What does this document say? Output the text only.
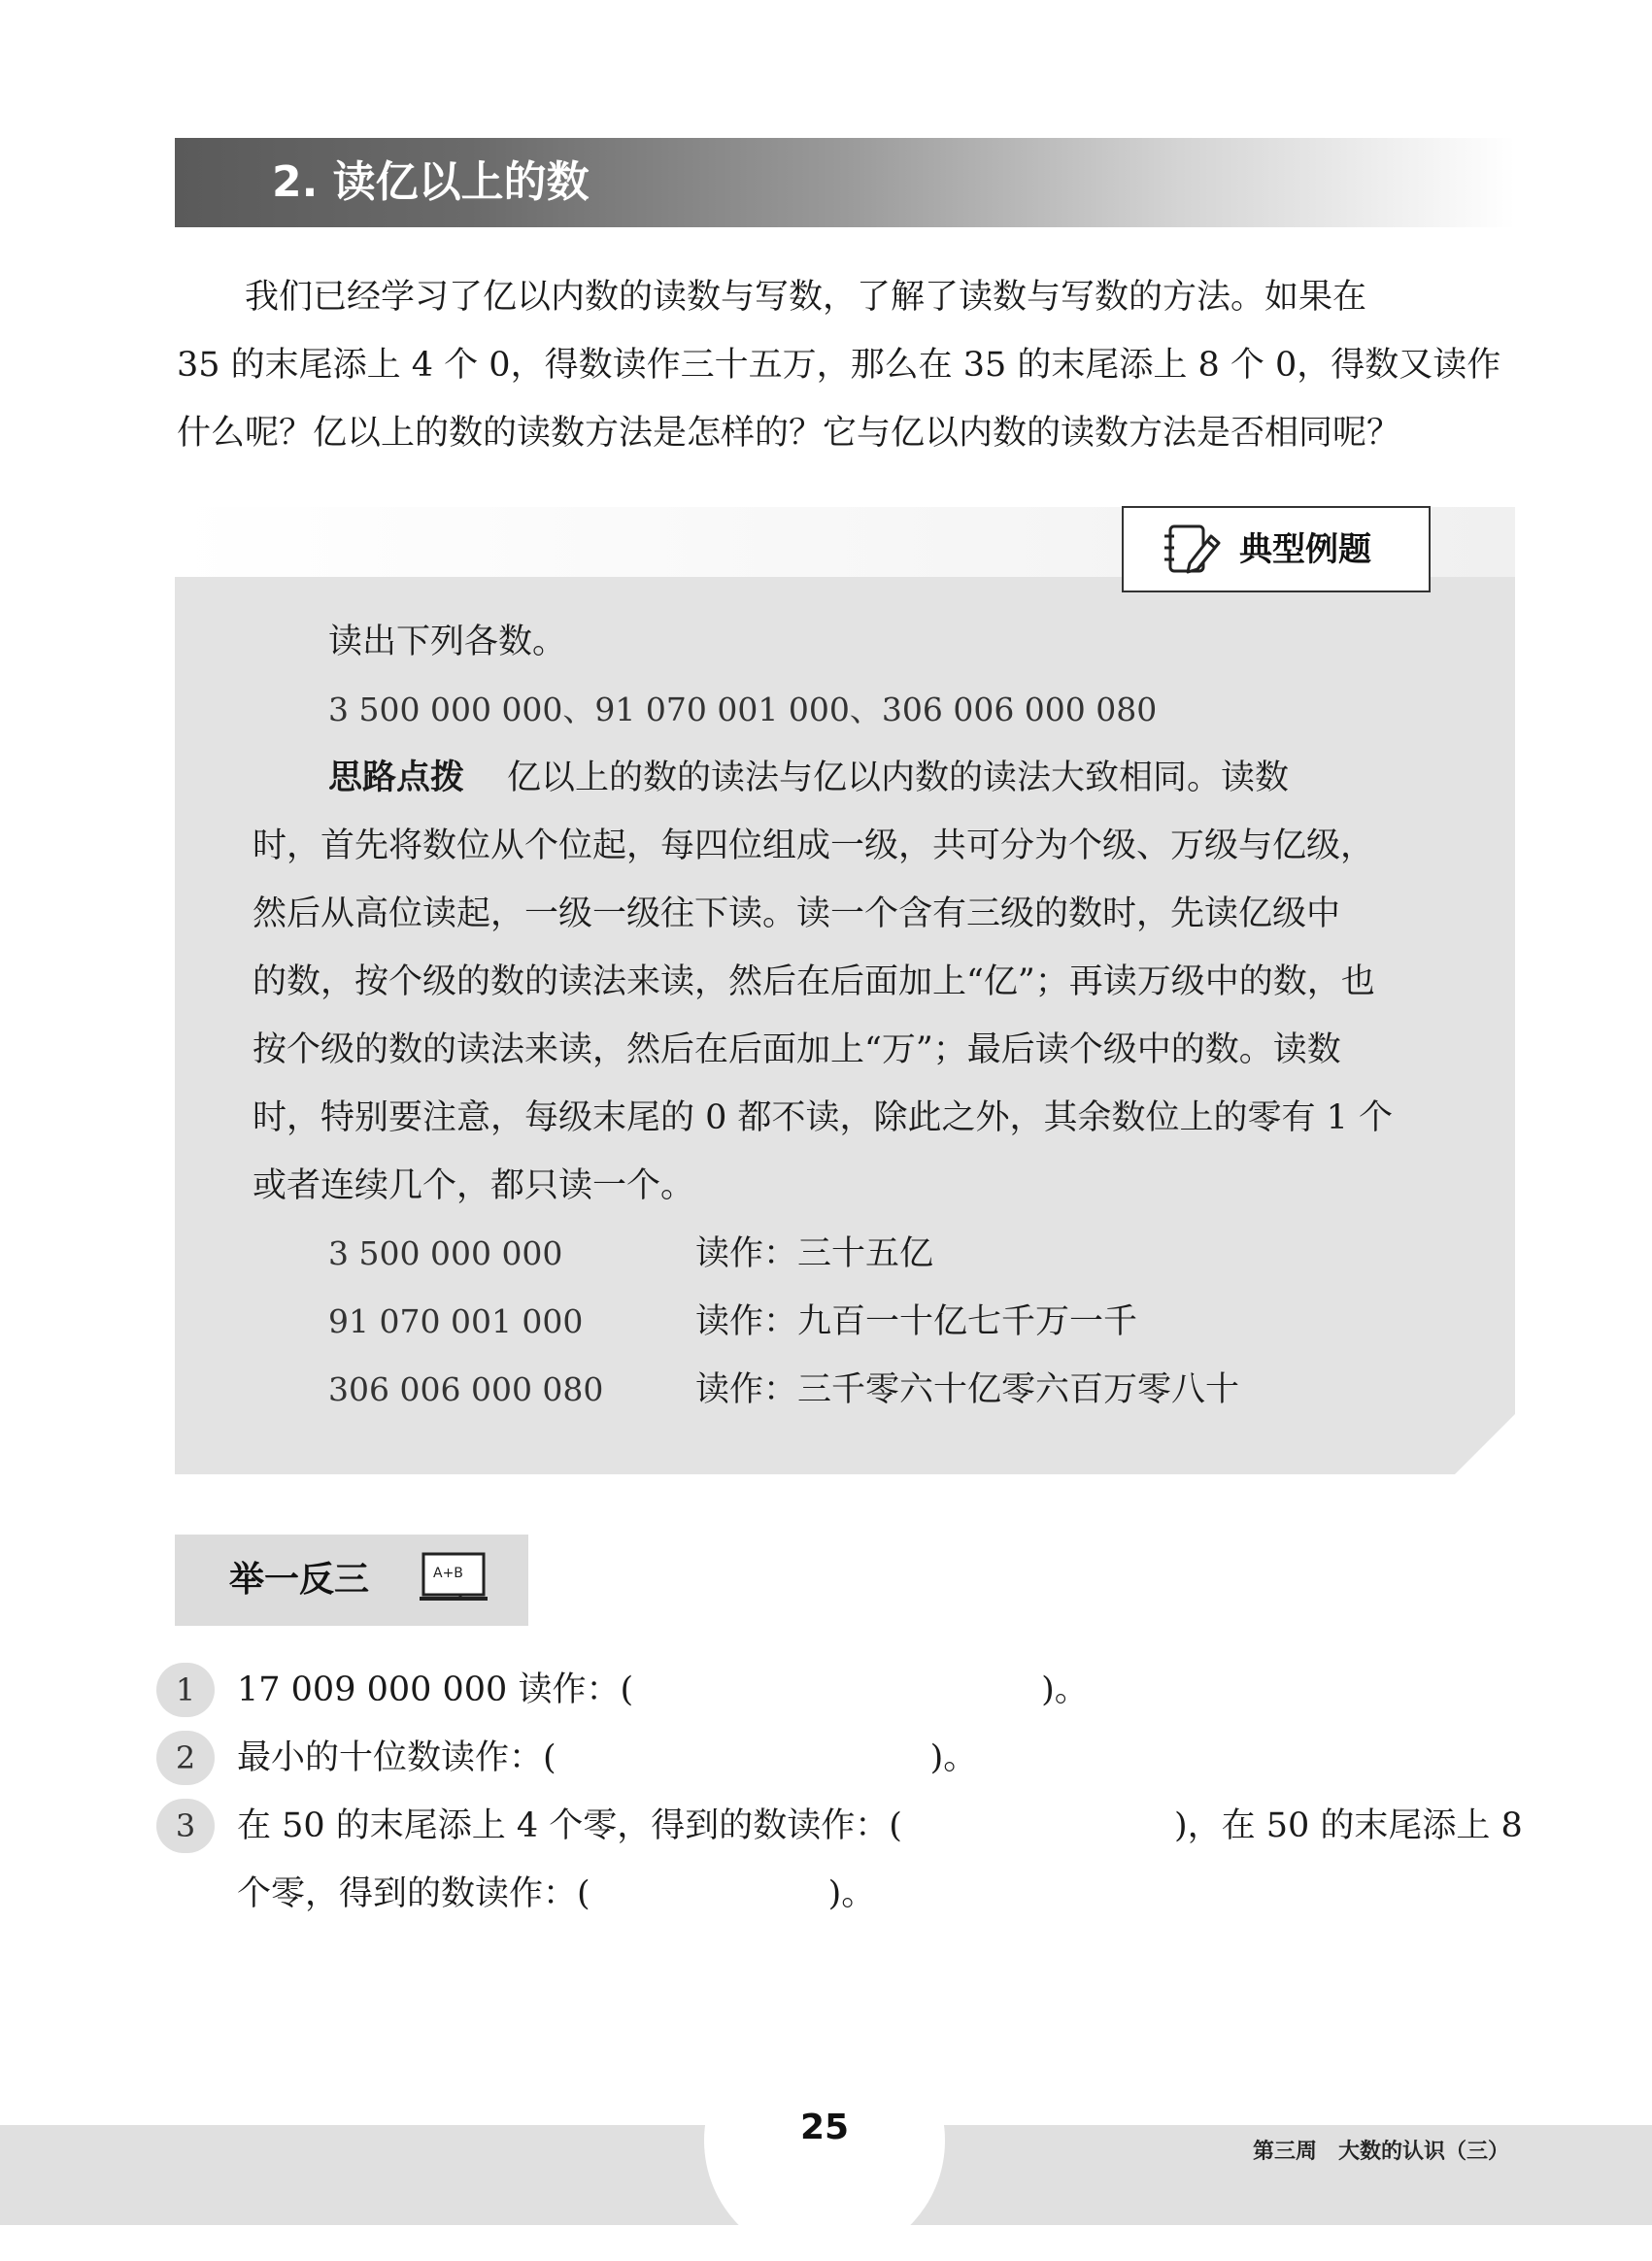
2. 读亿以上的数
　　我们已经学习了亿以内数的读数与写数，了解了读数与写数的方法。如果在
35 的末尾添上 4 个 0，得数读作三十五万，那么在 35 的末尾添上 8 个 0，得数又读作
什么呢？亿以上的数的读数方法是怎样的？它与亿以内数的读数方法是否相同呢？
典型例题
读出下列各数。
3 500 000 000、91 070 001 000、306 006 000 080
思路点拨 亿以上的数的读法与亿以内数的读法大致相同。读数
时，首先将数位从个位起，每四位组成一级，共可分为个级、万级与亿级，
然后从高位读起，一级一级往下读。读一个含有三级的数时，先读亿级中
的数，按个级的数的读法来读，然后在后面加上“亿”；再读万级中的数，也
按个级的数的读法来读，然后在后面加上“万”；最后读个级中的数。读数
时，特别要注意，每级末尾的 0 都不读，除此之外，其余数位上的零有 1 个
或者连续几个，都只读一个。
3 500 000 000	读作：三十五亿
91 070 001 000	读作：九百一十亿七千万一千
306 006 000 080	读作：三千零六十亿零六百万零八十
举一反三	A+B
1	17 009 000 000 读作：(　　　　　　　　　　　　)。
2	最小的十位数读作：(　　　　　　　　　　　)。
3	在 50 的末尾添上 4 个零，得到的数读作：(　　　　　　　　)，在 50 的末尾添上 8
个零，得到的数读作：(　　　　　　　)。
25
第三周　大数的认识（三）
